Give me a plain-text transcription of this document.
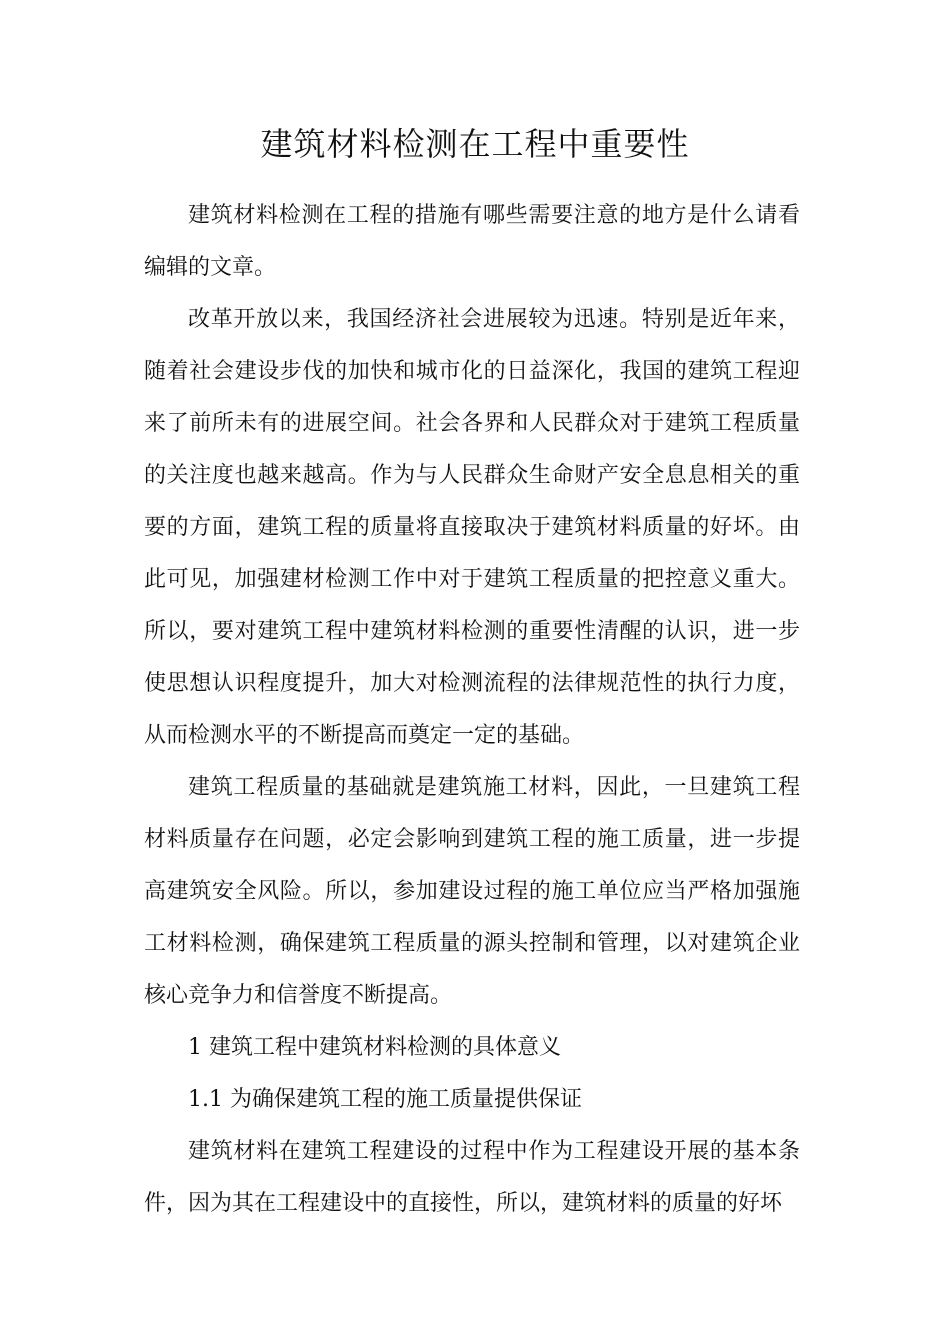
建筑材料检测在工程中重要性

建筑材料检测在工程的措施有哪些需要注意的地方是什么请看编辑的文章。

改革开放以来，我国经济社会进展较为迅速。特别是近年来，随着社会建设步伐的加快和城市化的日益深化，我国的建筑工程迎来了前所未有的进展空间。社会各界和人民群众对于建筑工程质量的关注度也越来越高。作为与人民群众生命财产安全息息相关的重要的方面，建筑工程的质量将直接取决于建筑材料质量的好坏。由此可见，加强建材检测工作中对于建筑工程质量的把控意义重大。所以，要对建筑工程中建筑材料检测的重要性清醒的认识，进一步使思想认识程度提升，加大对检测流程的法律规范性的执行力度，从而检测水平的不断提高而奠定一定的基础。

建筑工程质量的基础就是建筑施工材料，因此，一旦建筑工程材料质量存在问题，必定会影响到建筑工程的施工质量，进一步提高建筑安全风险。所以，参加建设过程的施工单位应当严格加强施工材料检测，确保建筑工程质量的源头控制和管理，以对建筑企业核心竞争力和信誉度不断提高。

1 建筑工程中建筑材料检测的具体意义

1.1 为确保建筑工程的施工质量提供保证

建筑材料在建筑工程建设的过程中作为工程建设开展的基本条件，因为其在工程建设中的直接性，所以，建筑材料的质量的好坏
